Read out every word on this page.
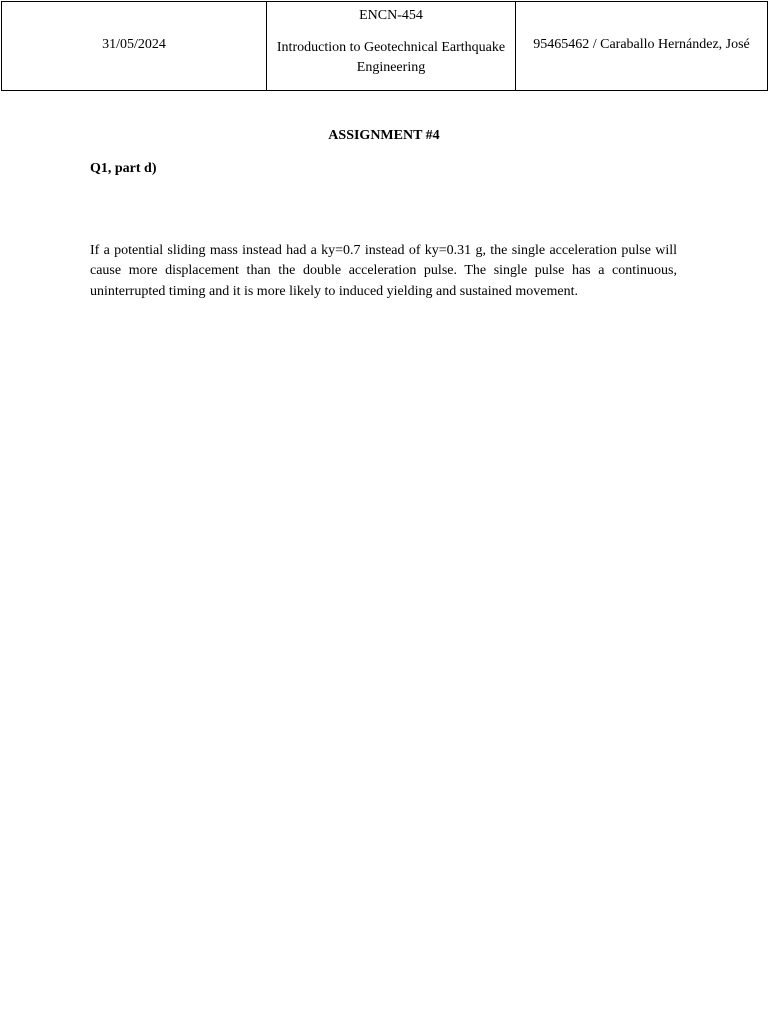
31/05/2024

ENCN-454
Introduction to Geotechnical Earthquake Engineering

95465462 / Caraballo Hernández, José
ASSIGNMENT #4
Q1, part d)

If a potential sliding mass instead had a ky=0.7 instead of ky=0.31 g, the single acceleration pulse will cause more displacement than the double acceleration pulse. The single pulse has a continuous, uninterrupted timing and it is more likely to induced yielding and sustained movement.
